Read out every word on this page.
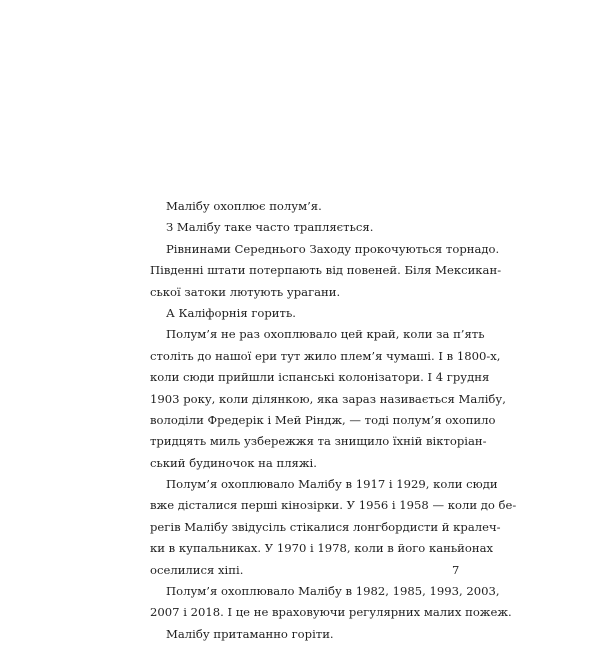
Малібу охоплює полум’я.
З Малібу таке часто трапляється.
Рівнинами Середнього Заходу прокочуються торнадо.
Південні штати потерпають від повеней. Біля Мексикан-
ської затоки лютують урагани.
А Каліфорнія горить.
Полум’я не раз охоплювало цей край, коли за п’ять
століть до нашої ери тут жило плем’я чумаші. І в 1800-х,
коли сюди прийшли іспанські колонізатори. І 4 грудня
1903 року, коли ділянкою, яка зараз називається Малібу,
володіли Фредерік і Мей Ріндж, — тоді полум’я охопило
тридцять миль узбережжя та знищило їхній вікторіан-
ський будиночок на пляжі.
Полум’я охоплювало Малібу в 1917 і 1929, коли сюди
вже дісталися перші кінозірки. У 1956 і 1958 — коли до бе-
регів Малібу звідусіль стікалися лонгбордисти й кралеч-
ки в купальниках. У 1970 і 1978, коли в його каньйонах
оселилися хіпі.
Полум’я охоплювало Малібу в 1982, 1985, 1993, 2003,
2007 і 2018. І це не враховуючи регулярних малих пожеж.
Малібу притаманно горіти.
7
